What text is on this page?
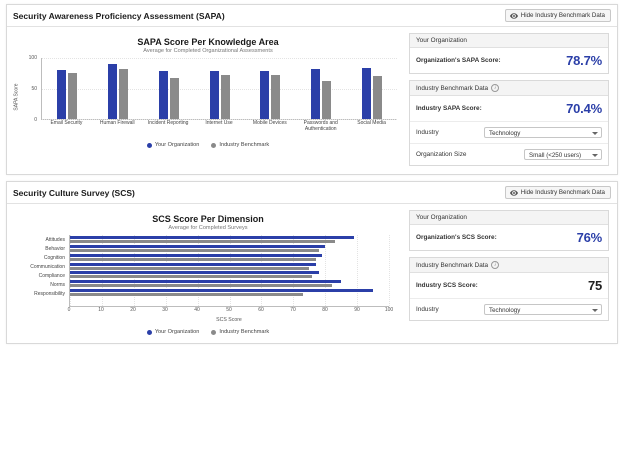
Security Awareness Proficiency Assessment (SAPA)	Hide Industry Benchmark Data
SAPA Score Per Knowledge Area
Average for Completed Organizational Assessments
SAPA Score
0
50
100
Email Security	Human Firewall	Incident Reporting	Internet Use	Mobile Devices	Passwords and Authentication
Social Media
Your Organization	Industry Benchmark
Your Organization
Organization's SAPA Score:	78.7%
Industry Benchmark Data	i
Industry SAPA Score:	70.4%
Industry	Technology
Organization Size	Small (<250 users)
Security Culture Survey (SCS)	Hide Industry Benchmark Data
SCS Score Per Dimension
Average for Completed Surveys
Attitudes
Behavior
Cognition
Communication
Compliance
Norms
Responsibility
0	10	20	30	40	50	60	70	80	90	100
SCS Score
Your Organization	Industry Benchmark
Your Organization
Organization's SCS Score:	76%
Industry Benchmark Data	i
Industry SCS Score:	75
Industry	Technology
